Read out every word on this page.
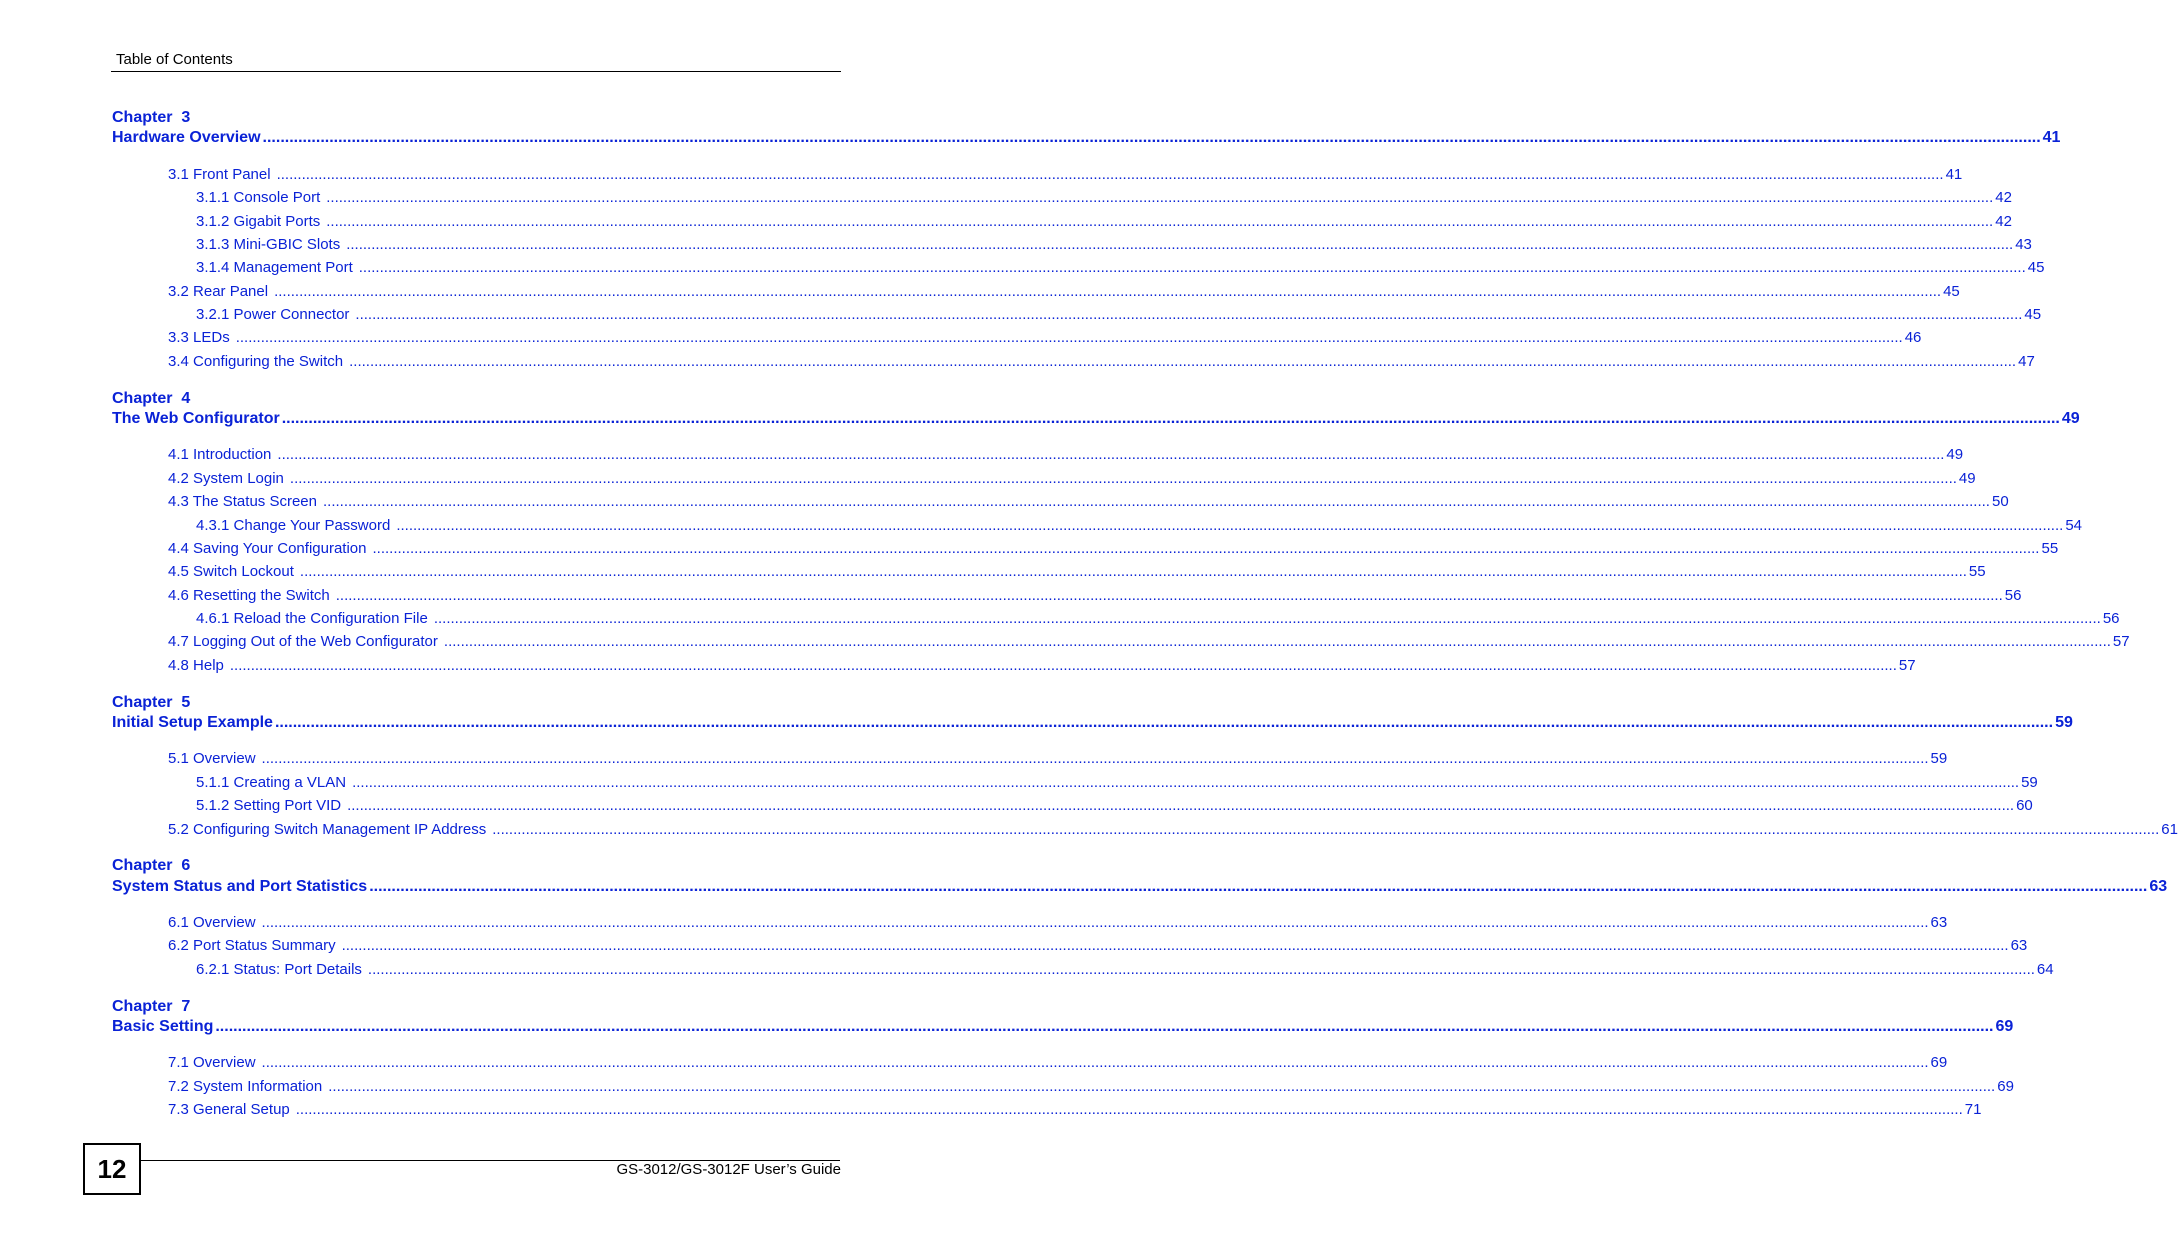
Table of Contents
Chapter  3
Hardware Overview ................................................................................................................................................................................................................................................................................................................................................................................................................ 41
3.1 Front Panel ................................................................................................................................................................................................................................................................................................................................................................................................................ 41
3.1.1 Console Port ................................................................................................................................................................................................................................................................................................................................................................................................................ 42
3.1.2 Gigabit Ports ................................................................................................................................................................................................................................................................................................................................................................................................................ 42
3.1.3 Mini-GBIC Slots ................................................................................................................................................................................................................................................................................................................................................................................................................ 43
3.1.4 Management Port ................................................................................................................................................................................................................................................................................................................................................................................................................ 45
3.2 Rear Panel ................................................................................................................................................................................................................................................................................................................................................................................................................ 45
3.2.1 Power Connector ................................................................................................................................................................................................................................................................................................................................................................................................................ 45
3.3 LEDs ................................................................................................................................................................................................................................................................................................................................................................................................................ 46
3.4 Configuring the Switch ................................................................................................................................................................................................................................................................................................................................................................................................................ 47
Chapter  4
The Web Configurator ................................................................................................................................................................................................................................................................................................................................................................................................................ 49
4.1 Introduction ................................................................................................................................................................................................................................................................................................................................................................................................................ 49
4.2 System Login ................................................................................................................................................................................................................................................................................................................................................................................................................ 49
4.3 The Status Screen ................................................................................................................................................................................................................................................................................................................................................................................................................ 50
4.3.1 Change Your Password ................................................................................................................................................................................................................................................................................................................................................................................................................ 54
4.4 Saving Your Configuration ................................................................................................................................................................................................................................................................................................................................................................................................................ 55
4.5 Switch Lockout ................................................................................................................................................................................................................................................................................................................................................................................................................ 55
4.6 Resetting the Switch ................................................................................................................................................................................................................................................................................................................................................................................................................ 56
4.6.1 Reload the Configuration File ................................................................................................................................................................................................................................................................................................................................................................................................................ 56
4.7 Logging Out of the Web Configurator ................................................................................................................................................................................................................................................................................................................................................................................................................ 57
4.8 Help ................................................................................................................................................................................................................................................................................................................................................................................................................ 57
Chapter  5
Initial Setup Example ................................................................................................................................................................................................................................................................................................................................................................................................................ 59
5.1 Overview ................................................................................................................................................................................................................................................................................................................................................................................................................ 59
5.1.1 Creating a VLAN ................................................................................................................................................................................................................................................................................................................................................................................................................ 59
5.1.2 Setting Port VID ................................................................................................................................................................................................................................................................................................................................................................................................................ 60
5.2 Configuring Switch Management IP Address ................................................................................................................................................................................................................................................................................................................................................................................................................ 61
Chapter  6
System Status and Port Statistics ................................................................................................................................................................................................................................................................................................................................................................................................................ 63
6.1 Overview ................................................................................................................................................................................................................................................................................................................................................................................................................ 63
6.2 Port Status Summary ................................................................................................................................................................................................................................................................................................................................................................................................................ 63
6.2.1 Status: Port Details ................................................................................................................................................................................................................................................................................................................................................................................................................ 64
Chapter  7
Basic Setting ................................................................................................................................................................................................................................................................................................................................................................................................................ 69
7.1 Overview ................................................................................................................................................................................................................................................................................................................................................................................................................ 69
7.2 System Information ................................................................................................................................................................................................................................................................................................................................................................................................................ 69
7.3 General Setup ................................................................................................................................................................................................................................................................................................................................................................................................................ 71
12	GS-3012/GS-3012F User’s Guide
